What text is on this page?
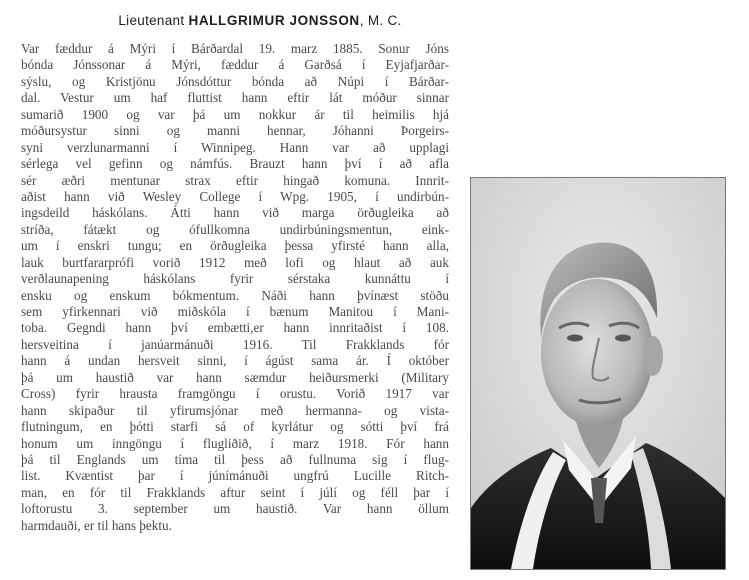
Lieutenant HALLGRIMUR JONSSON, M. C.
Var fæddur á Mýri í Bárðardal 19. marz 1885. Sonur Jóns
bónda Jónssonar á Mýri, fæddur á Garðsá í Eyjafjarðar-
sýslu, og Kristjönu Jónsdóttur bónda að Núpi í Bárðar-
dal. Vestur um haf fluttist hann eftir lát móður sinnar
sumarið 1900 og var þá um nokkur ár til heimilis hjá
móðursystur sinni og manni hennar, Jóhanni Þorgeirs-
syni verzlunarmanni í Winnipeg. Hann var að upplagi
sérlega vel gefinn og námfús. Brauzt hann því í að afla
sér æðri mentunar strax eftir hingað komuna. Innrit-
aðist hann við Wesley College í Wpg. 1905, í undirbún-
ingsdeild háskólans. Átti hann við marga örðugleika að
stríða, fátækt og ófullkomna undirbúningsmentun, eink-
um í enskri tungu; en örðugleika þessa yfirsté hann alla,
lauk burtfararprófi vorið 1912 með lofi og hlaut að auk
verðlaunapening háskólans fyrir sérstaka kunnáttu í
ensku og enskum bókmentum. Náði hann þvínæst stöðu
sem yfirkennari við miðskóla í bænum Manitou í Mani-
toba. Gegndi hann því embætti,er hann innritaðist í 108.
hersveitina í janúarmánuði 1916. Til Frakklands fór
hann á undan hersveit sinni, í ágúst sama ár. Í október
þá um haustið var hann sæmdur heiðursmerki (Military
Cross) fyrir hrausta framgöngu í orustu. Vorið 1917 var
hann skipaður til yfirumsjónar með hermanna- og vista-
flutningum, en þótti starfi sá of kyrlátur og sótti því frá
honum um inngöngu í flugliðið, í marz 1918. Fór hann
þá til Englands um tíma til þess að fullnuma sig í flug-
list. Kvæntist þar í júnímánuði ungfrú Lucille Ritch-
man, en fór til Frakklands aftur seint í júlí og féll þar í
loftorustu 3. september um haustið. Var hann öllum
harmdauði, er til hans þektu.
